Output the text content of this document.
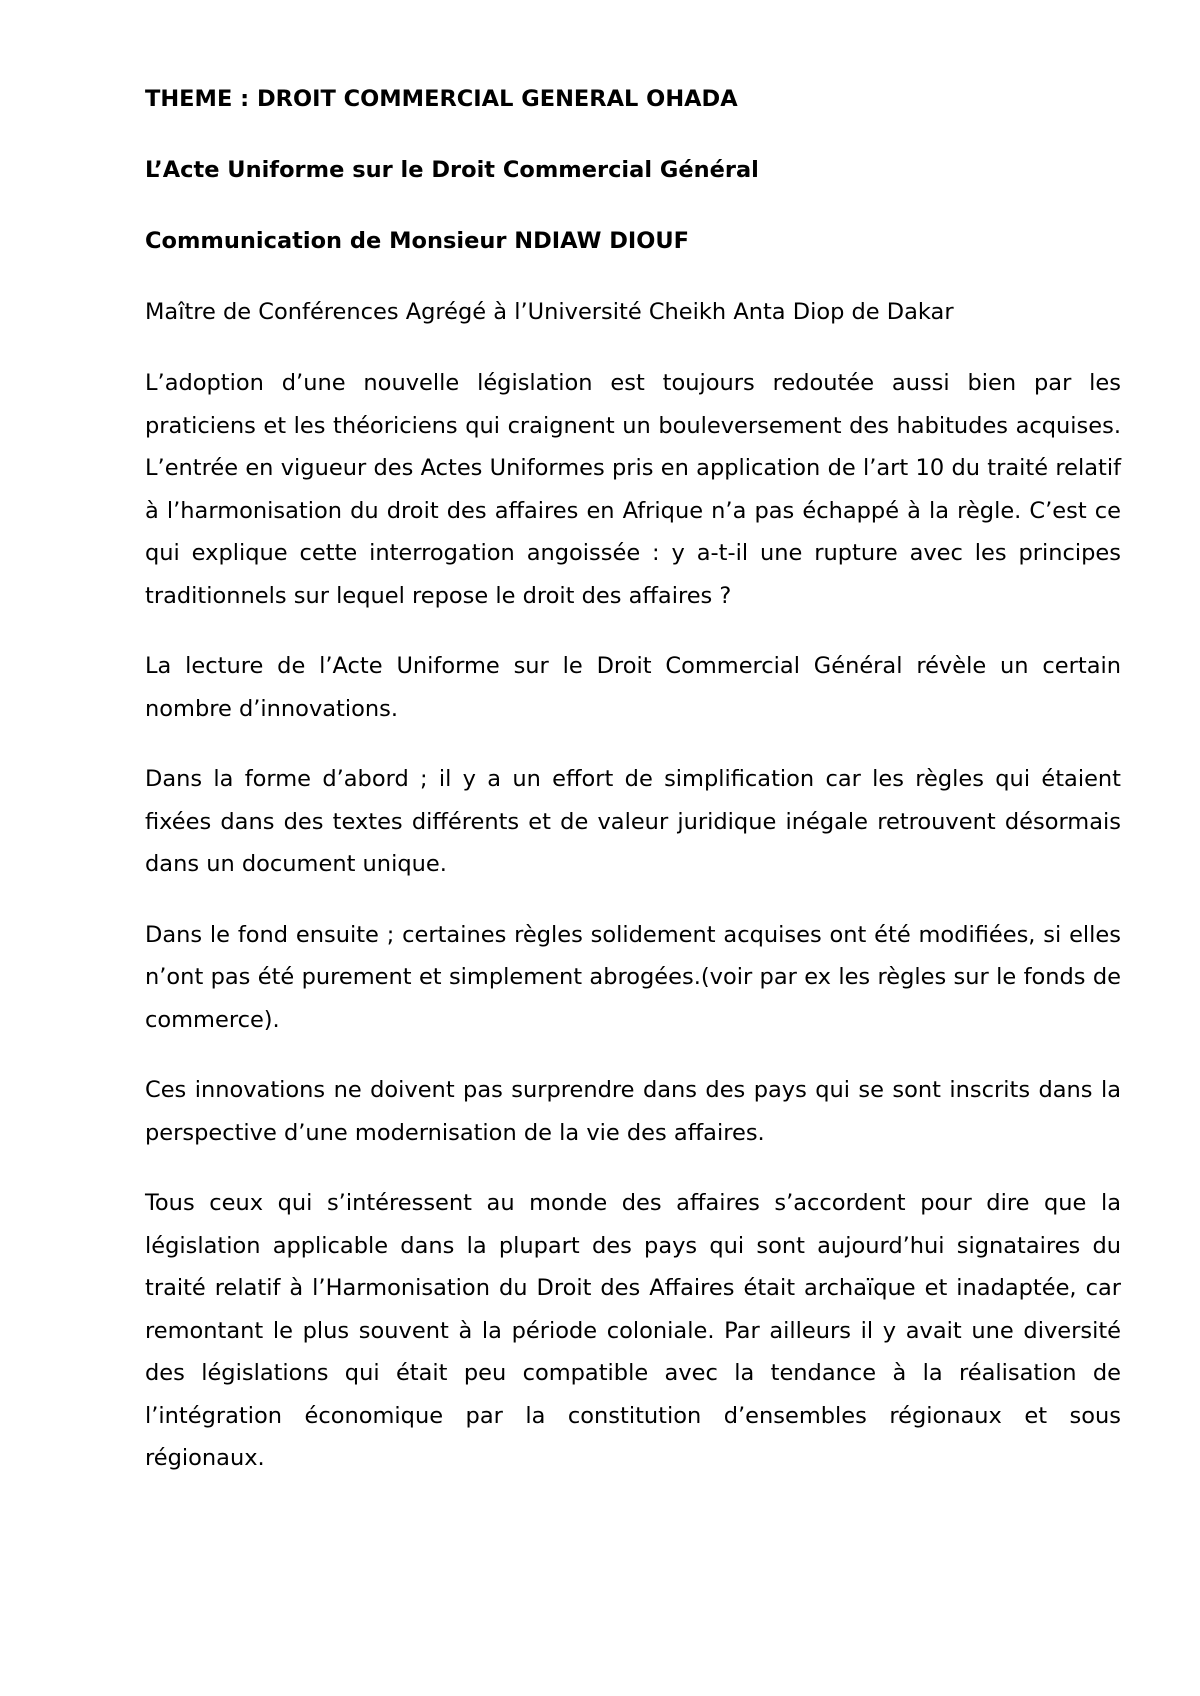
THEME : DROIT COMMERCIAL GENERAL OHADA
L’Acte Uniforme sur le Droit Commercial Général
Communication de Monsieur NDIAW DIOUF
Maître de Conférences Agrégé à l’Université Cheikh Anta Diop de Dakar

L’adoption d’une nouvelle législation est toujours redoutée aussi bien par les praticiens et les théoriciens qui craignent un bouleversement des habitudes acquises. L’entrée en vigueur des Actes Uniformes pris en application de l’art 10 du traité relatif à l’harmonisation du droit des affaires en Afrique n’a pas échappé à la règle. C’est ce qui explique cette interrogation angoissée : y a-t-il une rupture avec les principes traditionnels sur lequel repose le droit des affaires ?

La lecture de l’Acte Uniforme sur le Droit Commercial Général révèle un certain nombre d’innovations.

Dans la forme d’abord ; il y a un effort de simplification car les règles qui étaient fixées dans des textes différents et de valeur juridique inégale retrouvent désormais dans un document unique.

Dans le fond ensuite ; certaines règles solidement acquises ont été modifiées, si elles n’ont pas été purement et simplement abrogées.(voir par ex les règles sur le fonds de commerce).

Ces innovations ne doivent pas surprendre dans des pays qui se sont inscrits dans la perspective d’une modernisation de la vie des affaires.

Tous ceux qui s’intéressent au monde des affaires s’accordent pour dire que la législation applicable dans la plupart des pays qui sont aujourd’hui signataires du traité relatif à l’Harmonisation du Droit des Affaires était archaïque et inadaptée, car remontant le plus souvent à la période coloniale. Par ailleurs il y avait une diversité des législations qui était peu compatible avec la tendance à la réalisation de l’intégration économique par la constitution d’ensembles régionaux et sous régionaux.
